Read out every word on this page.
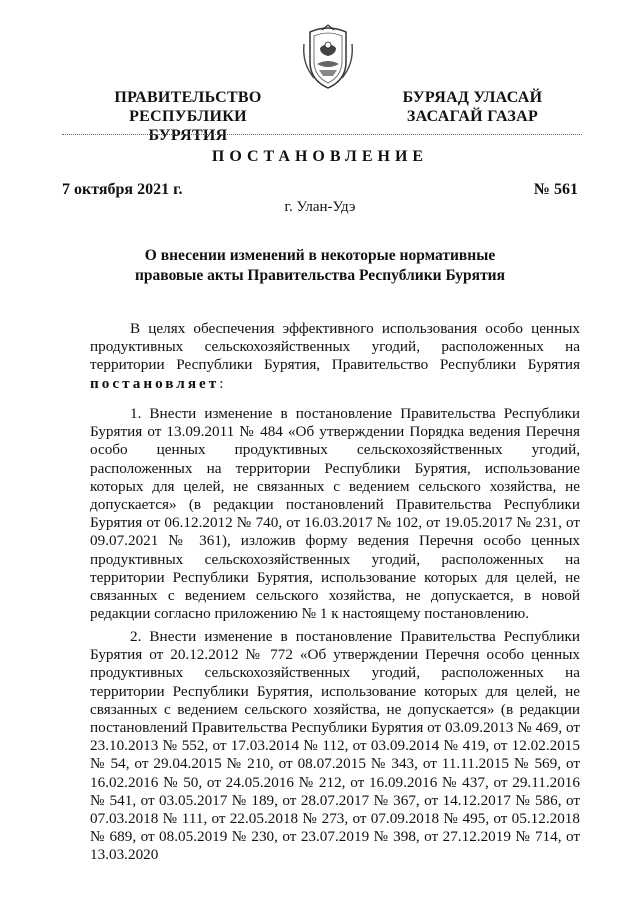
ПРАВИТЕЛЬСТВО
РЕСПУБЛИКИ БУРЯТИЯ
БУРЯАД УЛАСАЙ
ЗАСАГАЙ ГАЗАР
ПОСТАНОВЛЕНИЕ
7 октября 2021 г.	№ 561
г. Улан-Удэ
О внесении изменений в некоторые нормативные
правовые акты Правительства Республики Бурятия

В целях обеспечения эффективного использования особо ценных продуктивных сельскохозяйственных угодий, расположенных на территории Республики Бурятия, Правительство Республики Бурятия постановляет:

1. Внести изменение в постановление Правительства Республики Бурятия от 13.09.2011 № 484 «Об утверждении Порядка ведения Перечня особо ценных продуктивных сельскохозяйственных угодий, расположенных на территории Республики Бурятия, использование которых для целей, не связанных с ведением сельского хозяйства, не допускается» (в редакции постановлений Правительства Республики Бурятия от 06.12.2012 № 740, от 16.03.2017 № 102, от 19.05.2017 № 231, от 09.07.2021 № 361), изложив форму ведения Перечня особо ценных продуктивных сельскохозяйственных угодий, расположенных на территории Республики Бурятия, использование которых для целей, не связанных с ведением сельского хозяйства, не допускается, в новой редакции согласно приложению № 1 к настоящему постановлению.

2. Внести изменение в постановление Правительства Республики Бурятия от 20.12.2012 № 772 «Об утверждении Перечня особо ценных продуктивных сельскохозяйственных угодий, расположенных на территории Республики Бурятия, использование которых для целей, не связанных с ведением сельского хозяйства, не допускается» (в редакции постановлений Правительства Республики Бурятия от 03.09.2013 № 469, от 23.10.2013 № 552, от 17.03.2014 № 112, от 03.09.2014 № 419, от 12.02.2015 № 54, от 29.04.2015 № 210, от 08.07.2015 № 343, от 11.11.2015 № 569, от 16.02.2016 № 50, от 24.05.2016 № 212, от 16.09.2016 № 437, от 29.11.2016 № 541, от 03.05.2017 № 189, от 28.07.2017 № 367, от 14.12.2017 № 586, от 07.03.2018 № 111, от 22.05.2018 № 273, от 07.09.2018 № 495, от 05.12.2018 № 689, от 08.05.2019 № 230, от 23.07.2019 № 398, от 27.12.2019 № 714, от 13.03.2020
